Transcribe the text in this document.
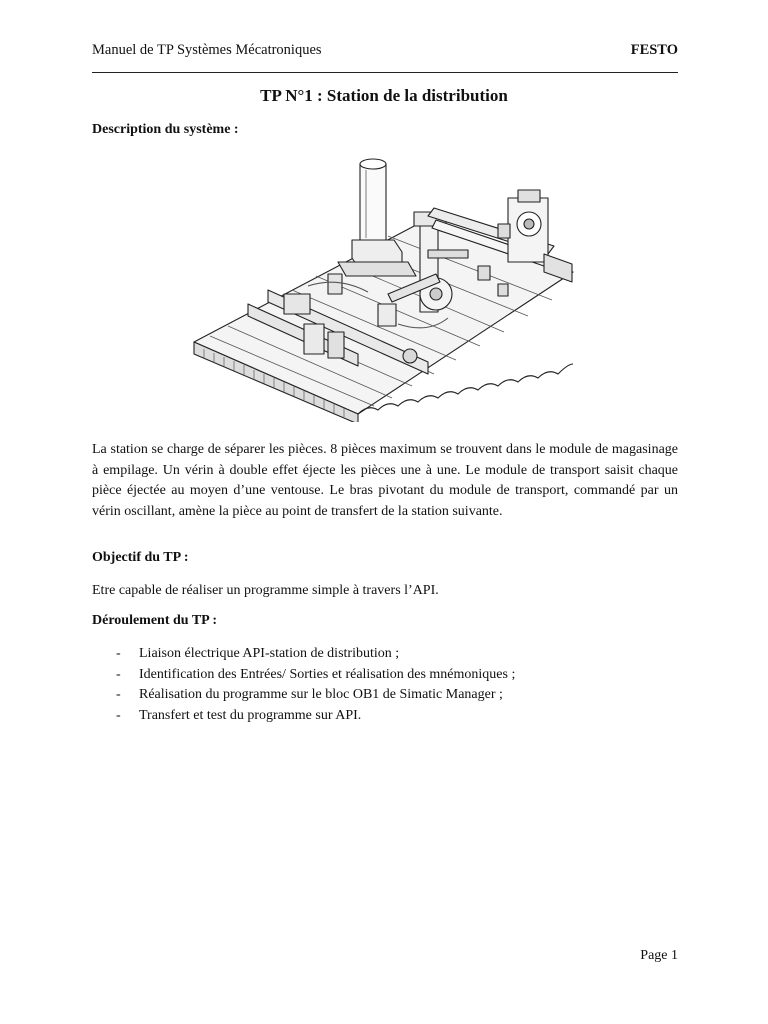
Manuel de TP Systèmes Mécatroniques	FESTO
TP N°1 : Station de la distribution
Description du système :
La station se charge de séparer les pièces. 8 pièces maximum se trouvent dans le module de magasinage à empilage. Un vérin à double effet éjecte les pièces une à une. Le module de transport saisit chaque pièce éjectée au moyen d’une ventouse. Le bras pivotant du module de transport, commandé par un vérin oscillant, amène la pièce au point de transfert de la station suivante.
Objectif du TP :
Etre capable de réaliser un programme simple à travers l’API.
Déroulement du TP :
- Liaison électrique API-station de distribution ;
- Identification des Entrées/ Sorties et réalisation des mnémoniques ;
- Réalisation du programme sur le bloc OB1 de Simatic Manager ;
- Transfert et test du programme sur API.
Page 1
